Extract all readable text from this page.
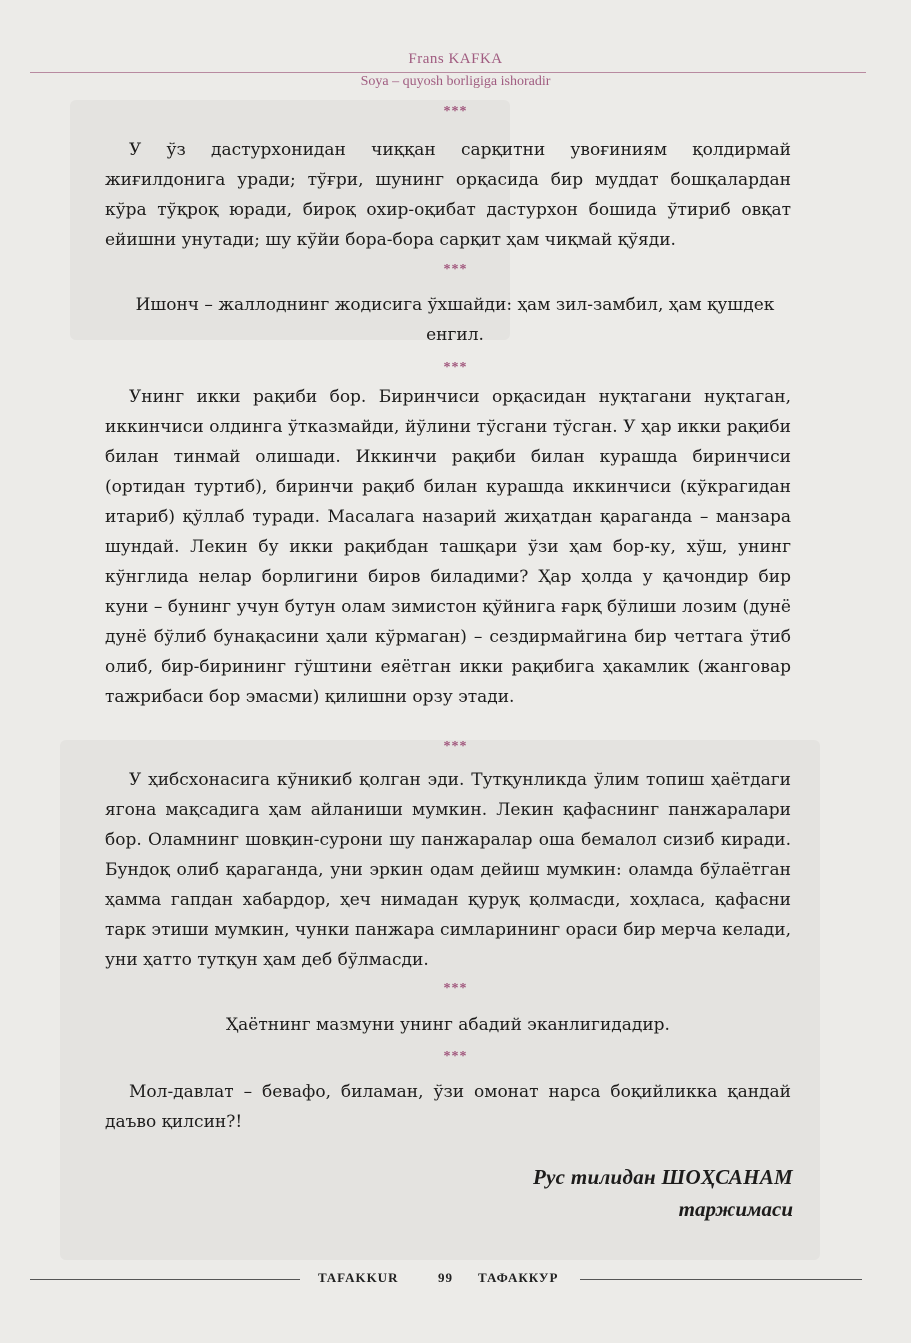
Frans KAFKA
Soya – quyosh borligiga ishoradir
***

У ўз дастурхонидан чиққан сарқитни увоғиниям қолдирмай жиғилдонига уради; тўғри, шунинг орқасида бир муддат бошқалардан кўра тўқроқ юради, бироқ охир-оқибат дастурхон бошида ўтириб овқат ейишни унутади; шу кўйи бора-бора сарқит ҳам чиқмай қўяди.

***

Ишонч – жаллоднинг жодисига ўхшайди: ҳам зил-замбил, ҳам қушдек енгил.

***

Унинг икки рақиби бор. Биринчиси орқасидан нуқтагани нуқтаган, иккинчиси олдинга ўтказмайди, йўлини тўсгани тўсган. У ҳар икки рақиби билан тинмай олишади. Иккинчи рақиби билан курашда биринчиси (ортидан туртиб), биринчи рақиб билан курашда иккинчиси (кўкрагидан итариб) қўллаб туради. Масалага назарий жиҳатдан қараганда – манзара шундай. Лекин бу икки рақибдан ташқари ўзи ҳам бор-ку, хўш, унинг кўнглида нелар борлигини биров биладими? Ҳар ҳолда у қачондир бир куни – бунинг учун бутун олам зимистон қўйнига ғарқ бўлиши лозим (дунё дунё бўлиб бунақасини ҳали кўрмаган) – сездирмайгина бир четтага ўтиб олиб, бир-бирининг гўштини еяётган икки рақибига ҳакамлик (жанговар тажрибаси бор эмасми) қилишни орзу этади.

***

У ҳибсхонасига кўникиб қолган эди. Тутқунликда ўлим топиш ҳаётдаги ягона мақсадига ҳам айланиши мумкин. Лекин қафаснинг панжаралари бор. Оламнинг шовқин-сурони шу панжаралар оша бемалол сизиб киради. Бундоқ олиб қараганда, уни эркин одам дейиш мумкин: оламда бўлаётган ҳамма гапдан хабардор, ҳеч нимадан қуруқ қолмасди, хоҳласа, қафасни тарк этиши мумкин, чунки панжара симларининг ораси бир мерча келади, уни ҳатто тутқун ҳам деб бўлмасди.

***

Ҳаётнинг мазмуни унинг абадий эканлигидадир.

***

Мол-давлат – бевафо, биламан, ўзи омонат нарса боқийликка қандай даъво қилсин?!

Рус тилидан ШОҲСАНАМ
таржимаси
TAFAKKUR	99 ТАФАККУР
